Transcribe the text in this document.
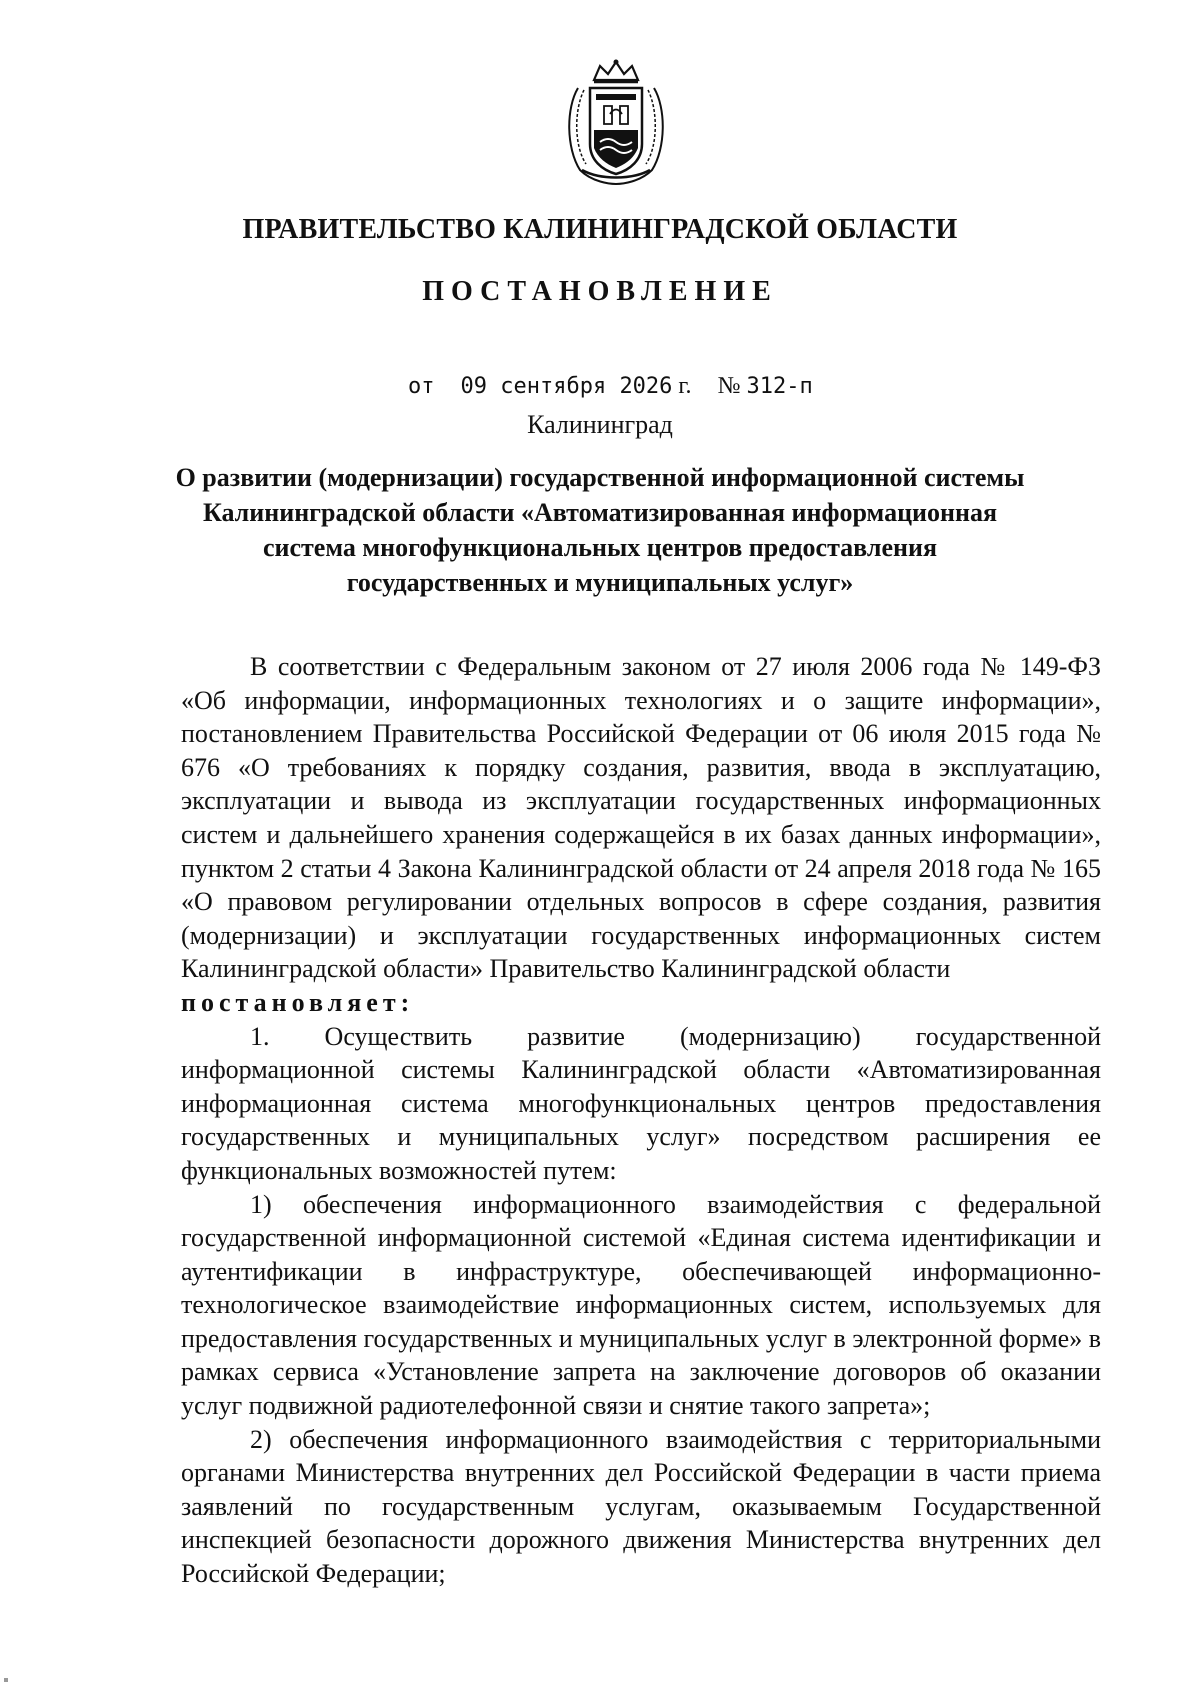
ПРАВИТЕЛЬСТВО КАЛИНИНГРАДСКОЙ ОБЛАСТИ
ПОСТАНОВЛЕНИЕ
от 09 сентября 2026 г. № 312-п
Калининград
О развитии (модернизации) государственной информационной системы Калининградской области «Автоматизированная информационная система многофункциональных центров предоставления государственных и муниципальных услуг»

В соответствии с Федеральным законом от 27 июля 2006 года № 149-ФЗ «Об информации, информационных технологиях и о защите информации», постановлением Правительства Российской Федерации от 06 июля 2015 года № 676 «О требованиях к порядку создания, развития, ввода в эксплуатацию, эксплуатации и вывода из эксплуатации государственных информационных систем и дальнейшего хранения содержащейся в их базах данных информации», пунктом 2 статьи 4 Закона Калининградской области от 24 апреля 2018 года № 165 «О правовом регулировании отдельных вопросов в сфере создания, развития (модернизации) и эксплуатации государственных информационных систем Калининградской области» Правительство Калининградской области

постановляет:

1. Осуществить развитие (модернизацию) государственной информационной системы Калининградской области «Автоматизированная информационная система многофункциональных центров предоставления государственных и муниципальных услуг» посредством расширения ее функциональных возможностей путем:

1) обеспечения информационного взаимодействия с федеральной государственной информационной системой «Единая система идентификации и аутентификации в инфраструктуре, обеспечивающей информационно-технологическое взаимодействие информационных систем, используемых для предоставления государственных и муниципальных услуг в электронной форме» в рамках сервиса «Установление запрета на заключение договоров об оказании услуг подвижной радиотелефонной связи и снятие такого запрета»;

2) обеспечения информационного взаимодействия с территориальными органами Министерства внутренних дел Российской Федерации в части приема заявлений по государственным услугам, оказываемым Государственной инспекцией безопасности дорожного движения Министерства внутренних дел Российской Федерации;
